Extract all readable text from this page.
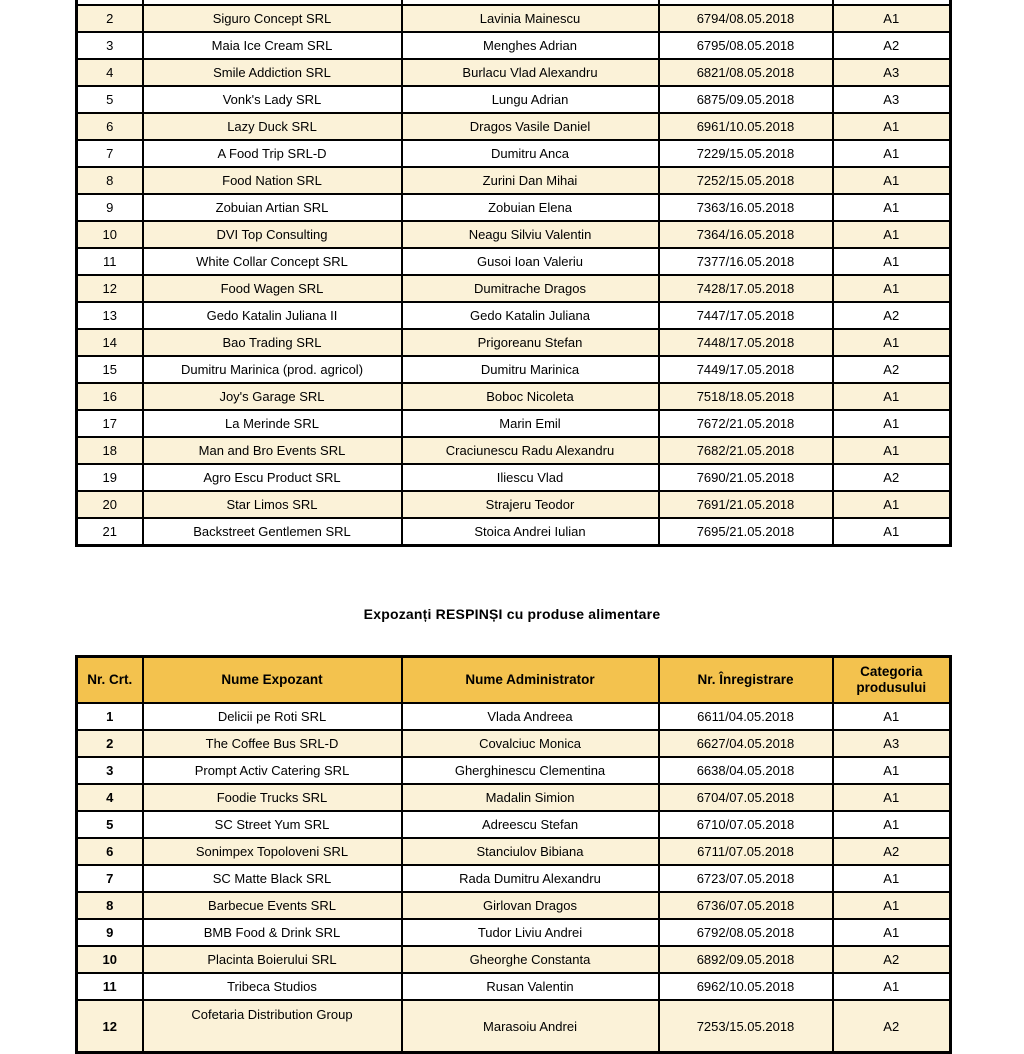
2	Siguro Concept SRL	Lavinia Mainescu	6794/08.05.2018	A1
3	Maia Ice Cream SRL	Menghes Adrian	6795/08.05.2018	A2
4	Smile Addiction SRL	Burlacu Vlad Alexandru	6821/08.05.2018	A3
5	Vonk's Lady SRL	Lungu Adrian	6875/09.05.2018	A3
6	Lazy Duck SRL	Dragos Vasile Daniel	6961/10.05.2018	A1
7	A Food Trip SRL-D	Dumitru Anca	7229/15.05.2018	A1
8	Food Nation SRL	Zurini Dan Mihai	7252/15.05.2018	A1
9	Zobuian Artian SRL	Zobuian Elena	7363/16.05.2018	A1
10	DVI Top Consulting	Neagu Silviu Valentin	7364/16.05.2018	A1
11	White Collar Concept SRL	Gusoi Ioan Valeriu	7377/16.05.2018	A1
12	Food Wagen SRL	Dumitrache Dragos	7428/17.05.2018	A1
13	Gedo Katalin Juliana II	Gedo Katalin Juliana	7447/17.05.2018	A2
14	Bao Trading SRL	Prigoreanu Stefan	7448/17.05.2018	A1
15	Dumitru Marinica (prod. agricol)	Dumitru Marinica	7449/17.05.2018	A2
16	Joy's Garage SRL	Boboc Nicoleta	7518/18.05.2018	A1
17	La Merinde SRL	Marin Emil	7672/21.05.2018	A1
18	Man and Bro Events SRL	Craciunescu Radu Alexandru	7682/21.05.2018	A1
19	Agro Escu Product SRL	Iliescu Vlad	7690/21.05.2018	A2
20	Star Limos SRL	Strajeru Teodor	7691/21.05.2018	A1
21	Backstreet Gentlemen SRL	Stoica Andrei Iulian	7695/21.05.2018	A1
Expozanți RESPINȘI cu produse alimentare
Nr. Crt.	Nume Expozant	Nume Administrator	Nr. Înregistrare	Categoria produsului
1	Delicii pe Roti SRL	Vlada Andreea	6611/04.05.2018	A1
2	The Coffee Bus SRL-D	Covalciuc Monica	6627/04.05.2018	A3
3	Prompt Activ Catering SRL	Gherghinescu Clementina	6638/04.05.2018	A1
4	Foodie Trucks SRL	Madalin Simion	6704/07.05.2018	A1
5	SC Street Yum SRL	Adreescu Stefan	6710/07.05.2018	A1
6	Sonimpex Topoloveni SRL	Stanciulov Bibiana	6711/07.05.2018	A2
7	SC Matte Black SRL	Rada Dumitru Alexandru	6723/07.05.2018	A1
8	Barbecue Events SRL	Girlovan Dragos	6736/07.05.2018	A1
9	BMB Food & Drink SRL	Tudor Liviu Andrei	6792/08.05.2018	A1
10	Placinta Boierului SRL	Gheorghe Constanta	6892/09.05.2018	A2
11	Tribeca Studios	Rusan Valentin	6962/10.05.2018	A1
12	Cofetaria Distribution Group	Marasoiu Andrei	7253/15.05.2018	A2
